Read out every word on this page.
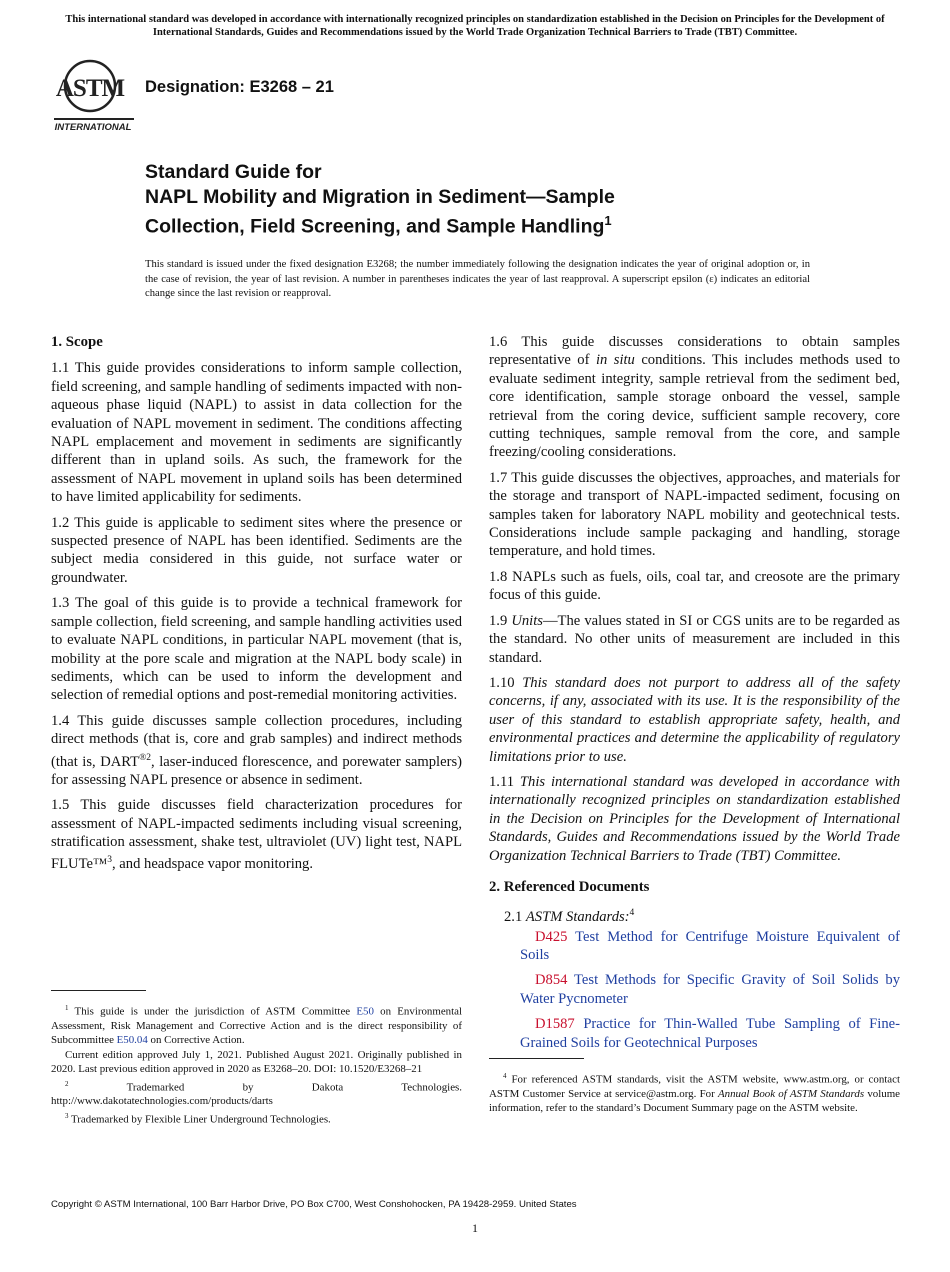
This international standard was developed in accordance with internationally recognized principles on standardization established in the Decision on Principles for the Development of International Standards, Guides and Recommendations issued by the World Trade Organization Technical Barriers to Trade (TBT) Committee.
ASTM
INTERNATIONAL
Designation: E3268 – 21
Standard Guide for
NAPL Mobility and Migration in Sediment—Sample
Collection, Field Screening, and Sample Handling$^1$
This standard is issued under the fixed designation E3268; the number immediately following the designation indicates the year of original adoption or, in the case of revision, the year of last revision. A number in parentheses indicates the year of last reapproval. A superscript epsilon (ε) indicates an editorial change since the last revision or reapproval.
1. Scope

1.1 This guide provides considerations to inform sample collection, field screening, and sample handling of sediments impacted with non-aqueous phase liquid (NAPL) to assist in data collection for the evaluation of NAPL movement in sediment. The conditions affecting NAPL emplacement and movement in sediments are significantly different than in upland soils. As such, the framework for the assessment of NAPL movement in upland soils has been determined to have limited applicability for sediments.

1.2 This guide is applicable to sediment sites where the presence or suspected presence of NAPL has been identified. Sediments are the subject media considered in this guide, not surface water or groundwater.

1.3 The goal of this guide is to provide a technical framework for sample collection, field screening, and sample handling activities used to evaluate NAPL conditions, in particular NAPL movement (that is, mobility at the pore scale and migration at the NAPL body scale) in sediments, which can be used to inform the development and selection of remedial options and post-remedial monitoring activities.

1.4 This guide discusses sample collection procedures, including direct methods (that is, core and grab samples) and indirect methods (that is, $DART^{®2}$, laser-induced florescence, and porewater samplers) for assessing NAPL presence or absence in sediment.

1.5 This guide discusses field characterization procedures for assessment of NAPL-impacted sediments including visual screening, stratification assessment, shake test, ultraviolet (UV) light test, NAPL FLUTe™$^3$, and headspace vapor monitoring.

$^1$ This guide is under the jurisdiction of ASTM Committee E50 on Environmental Assessment, Risk Management and Corrective Action and is the direct responsibility of Subcommittee E50.04 on Corrective Action.

Current edition approved July 1, 2021. Published August 2021. Originally published in 2020. Last previous edition approved in 2020 as E3268–20. DOI: 10.1520/E3268–21

$^2$	Trademarked by Dakota Technologies. http://www.dakotatechnologies.com/products/darts

$^3$ Trademarked by Flexible Liner Underground Technologies.

1.6 This guide discusses considerations to obtain samples representative of in situ conditions. This includes methods used to evaluate sediment integrity, sample retrieval from the sediment bed, core identification, sample storage onboard the vessel, sample retrieval from the coring device, sufficient sample recovery, core cutting techniques, sample removal from the core, and sample freezing/cooling considerations.

1.7 This guide discusses the objectives, approaches, and materials for the storage and transport of NAPL-impacted sediment, focusing on samples taken for laboratory NAPL mobility and geotechnical tests. Considerations include sample packaging and handling, storage temperature, and hold times.

1.8 NAPLs such as fuels, oils, coal tar, and creosote are the primary focus of this guide.

1.9 Units—The values stated in SI or CGS units are to be regarded as the standard. No other units of measurement are included in this standard.

1.10 This standard does not purport to address all of the safety concerns, if any, associated with its use. It is the responsibility of the user of this standard to establish appropriate safety, health, and environmental practices and determine the applicability of regulatory limitations prior to use.

1.11 This international standard was developed in accordance with internationally recognized principles on standardization established in the Decision on Principles for the Development of International Standards, Guides and Recommendations issued by the World Trade Organization Technical Barriers to Trade (TBT) Committee.

2. Referenced Documents

2.1 ASTM Standards:$^4$

D425 Test Method for Centrifuge Moisture Equivalent of Soils

D854 Test Methods for Specific Gravity of Soil Solids by Water Pycnometer

D1587 Practice for Thin-Walled Tube Sampling of Fine-Grained Soils for Geotechnical Purposes

$^4$ For referenced ASTM standards, visit the ASTM website, www.astm.org, or contact ASTM Customer Service at service@astm.org. For Annual Book of ASTM Standards volume information, refer to the standard’s Document Summary page on the ASTM website.

Copyright © ASTM International, 100 Barr Harbor Drive, PO Box C700, West Conshohocken, PA 19428-2959. United States
1
